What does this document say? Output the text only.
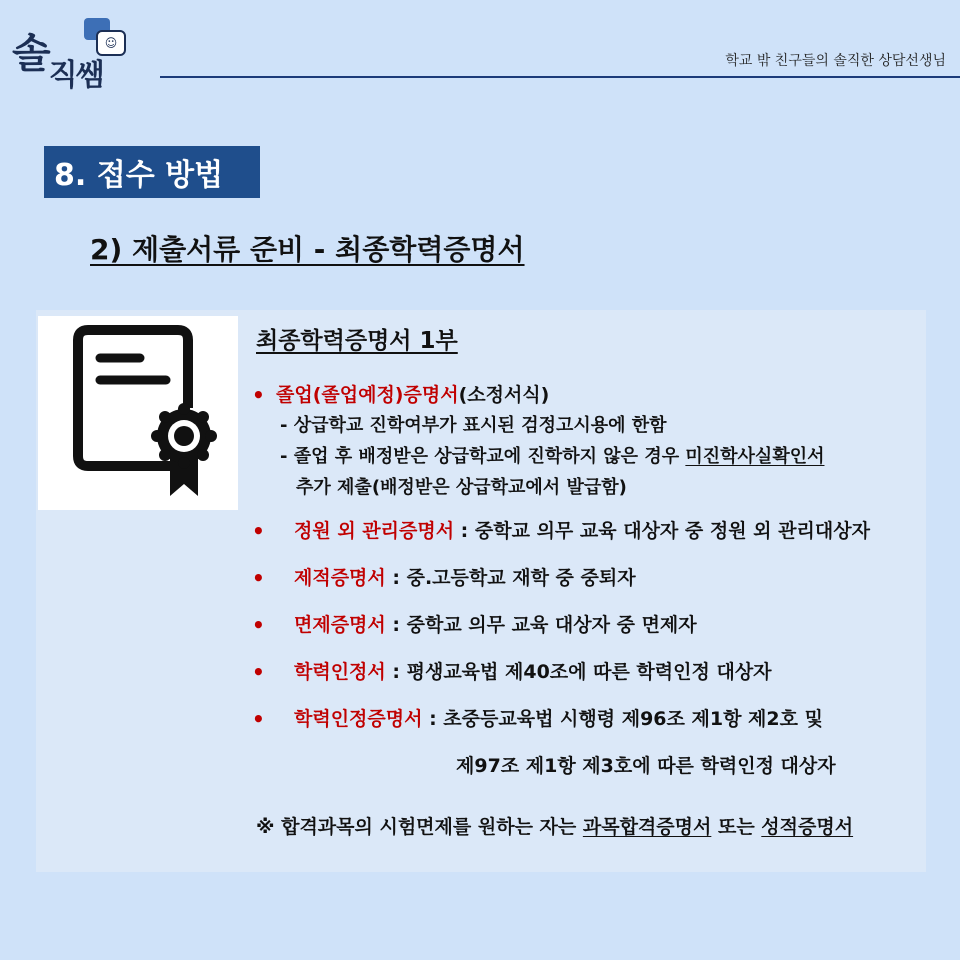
☺
솔$_{직쌤}$	학교 밖 친구들의 솔직한 상담선생님
8. 접수 방법
2) 제출서류 준비 - 최종학력증명서
최종학력증명서 1부
• 졸업(졸업예정)증명서(소정서식)
- 상급학교 진학여부가 표시된 검정고시용에 한함
- 졸업 후 배정받은 상급학교에 진학하지 않은 경우 미진학사실확인서
추가 제출(배정받은 상급학교에서 발급함)
• 정원 외 관리증명서 : 중학교 의무 교육 대상자 중 정원 외 관리대상자
• 제적증명서 : 중.고등학교 재학 중 중퇴자
• 면제증명서 : 중학교 의무 교육 대상자 중 면제자
• 학력인정서 : 평생교육법 제40조에 따른 학력인정 대상자
• 학력인정증명서 : 초중등교육법 시행령 제96조 제1항 제2호 및
제97조 제1항 제3호에 따른 학력인정 대상자
※ 합격과목의 시험면제를 원하는 자는 과목합격증명서 또는 성적증명서
